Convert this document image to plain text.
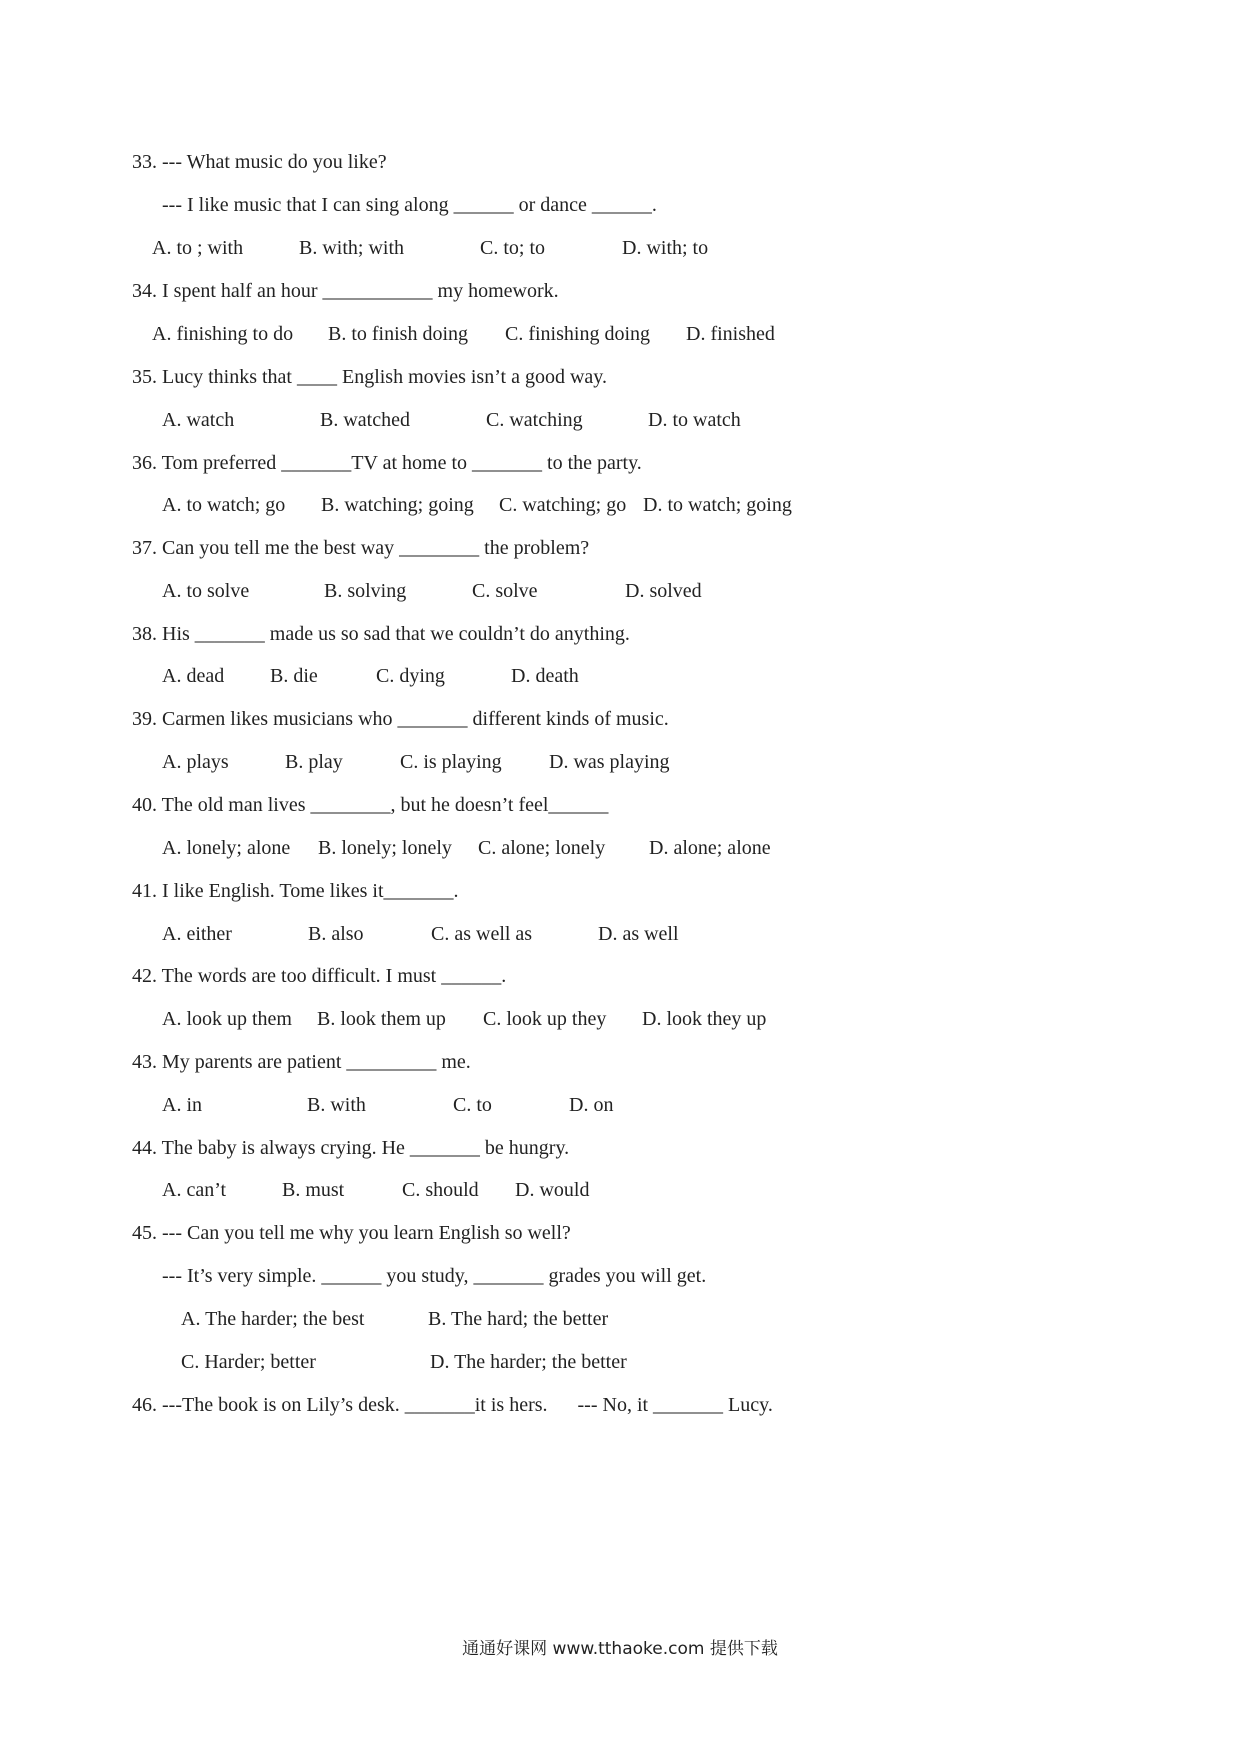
33. --- What music do you like?
--- I like music that I can sing along ______ or dance ______.
A. to ; with	B. with; with	C. to; to	D. with; to
34. I spent half an hour ___________ my homework.
A. finishing to do B. to finish doing C. finishing doing D. finished
35. Lucy thinks that ____ English movies isn’t a good way.
A. watch	B. watched	C. watching	D. to watch
36. Tom preferred _______TV at home to _______ to the party.
A. to watch; go B. watching; going C. watching; go D. to watch; going
37. Can you tell me the best way ________ the problem?
A. to solve	B. solving	C. solve	D. solved
38. His _______ made us so sad that we couldn’t do anything.
A. dead B. die	C. dying	D. death
39. Carmen likes musicians who _______ different kinds of music.
A. plays	B. play	C. is playing D. was playing
40. The old man lives ________, but he doesn’t feel______
A. lonely; alone B. lonely; lonely C. alone; lonely D. alone; alone
41. I like English. Tome likes it_______.
A. either	B. also	C. as well as	D. as well
42. The words are too difficult. I must ______.
A. look up them B. look them up C. look up they D. look they up
43. My parents are patient _________ me.
A. in	B. with	C. to	D. on
44. The baby is always crying. He _______ be hungry.
A. can’t	B. must	C. should D. would
45. --- Can you tell me why you learn English so well?
--- It’s very simple. ______ you study, _______ grades you will get.
A. The harder; the best	B. The hard; the better
C. Harder; better	D. The harder; the better
46. ---The book is on Lily’s desk. _______it is hers.      --- No, it _______ Lucy.
通通好课网 www.tthaoke.com 提供下载
